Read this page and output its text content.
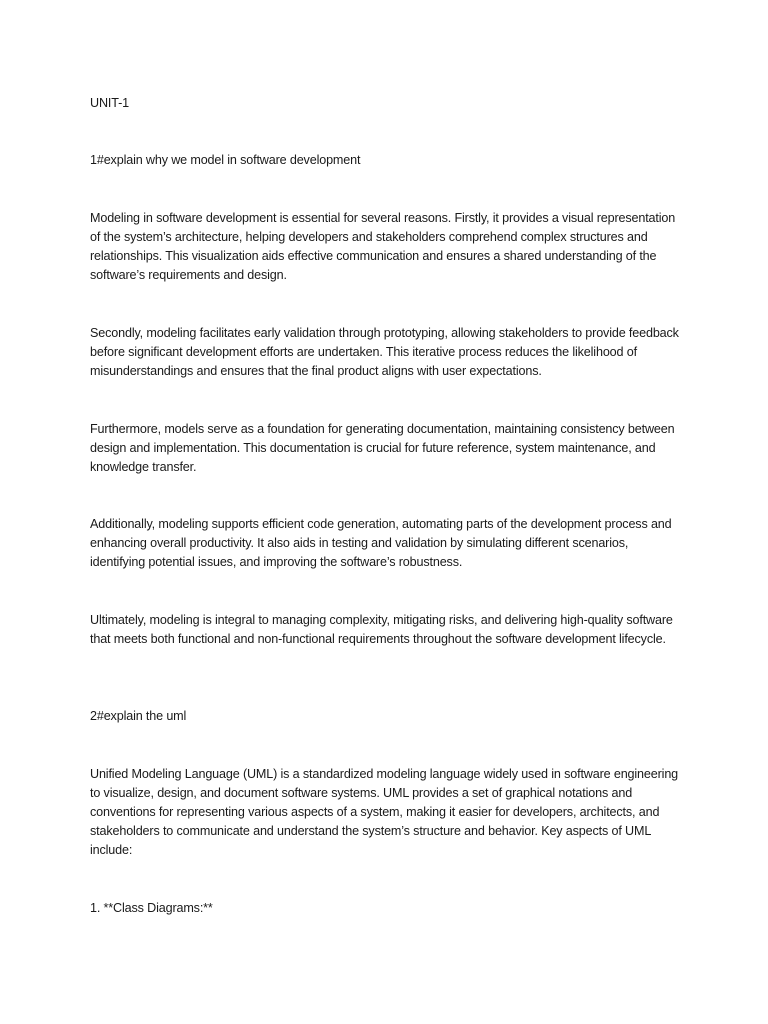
UNIT-1

1#explain why we model in software development

Modeling in software development is essential for several reasons. Firstly, it provides a visual representation of the system’s architecture, helping developers and stakeholders comprehend complex structures and relationships. This visualization aids effective communication and ensures a shared understanding of the software’s requirements and design.

Secondly, modeling facilitates early validation through prototyping, allowing stakeholders to provide feedback before significant development efforts are undertaken. This iterative process reduces the likelihood of misunderstandings and ensures that the final product aligns with user expectations.

Furthermore, models serve as a foundation for generating documentation, maintaining consistency between design and implementation. This documentation is crucial for future reference, system maintenance, and knowledge transfer.

Additionally, modeling supports efficient code generation, automating parts of the development process and enhancing overall productivity. It also aids in testing and validation by simulating different scenarios, identifying potential issues, and improving the software’s robustness.

Ultimately, modeling is integral to managing complexity, mitigating risks, and delivering high-quality software that meets both functional and non-functional requirements throughout the software development lifecycle.

2#explain the uml

Unified Modeling Language (UML) is a standardized modeling language widely used in software engineering to visualize, design, and document software systems. UML provides a set of graphical notations and conventions for representing various aspects of a system, making it easier for developers, architects, and stakeholders to communicate and understand the system’s structure and behavior. Key aspects of UML include:

1. **Class Diagrams:**
